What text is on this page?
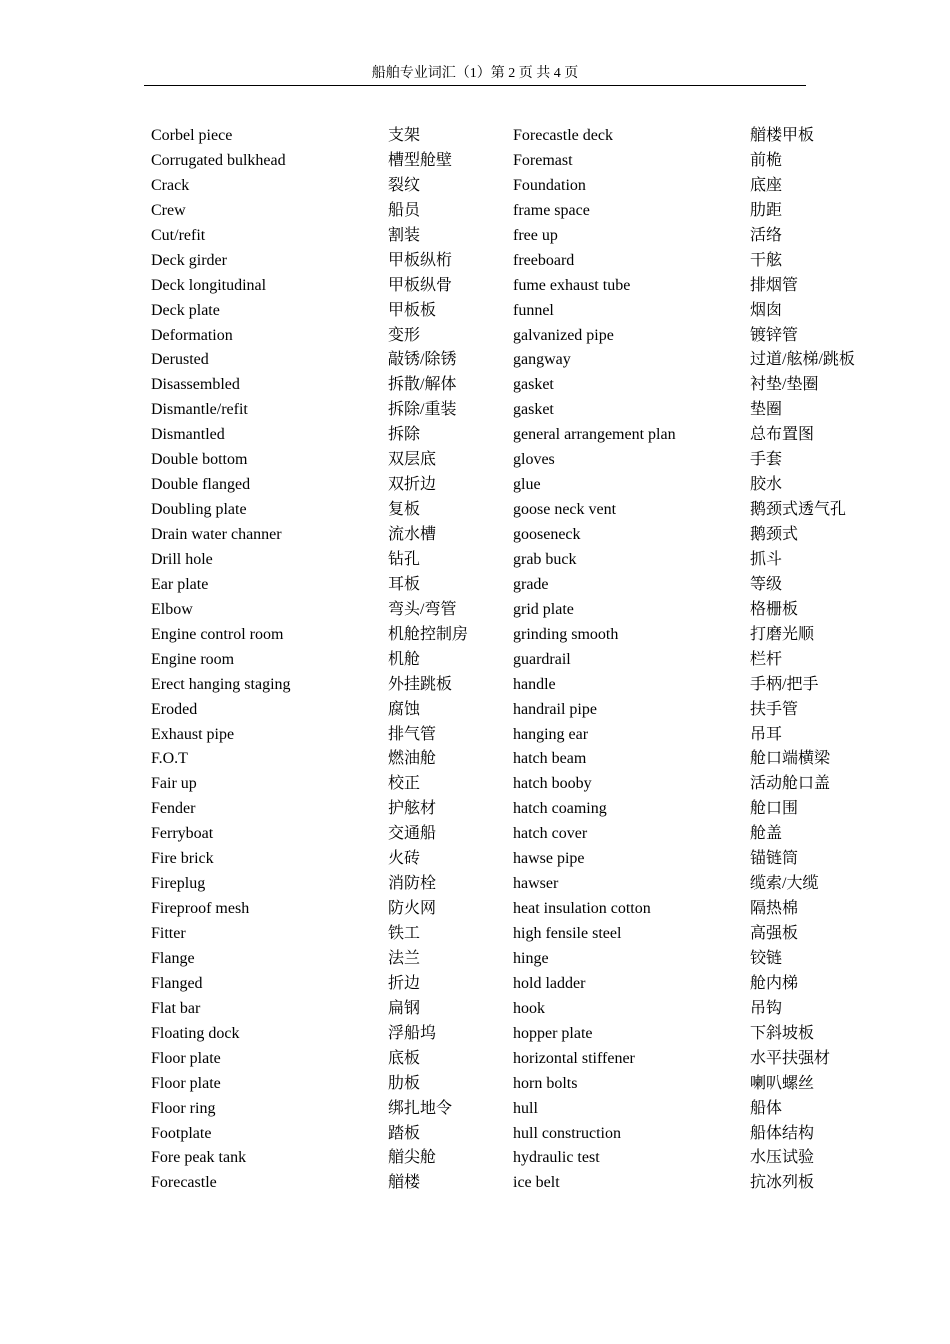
船舶专业词汇（1）第 2 页 共 4 页
Corbel piece	支架	Forecastle deck	艏楼甲板
Corrugated bulkhead	槽型舱壁	Foremast	前桅
Crack	裂纹	Foundation	底座
Crew	船员	frame space	肋距
Cut/refit	割装	free up	活络
Deck girder	甲板纵桁	freeboard	干舷
Deck longitudinal	甲板纵骨	fume exhaust tube	排烟管
Deck plate	甲板板	funnel	烟囱
Deformation	变形	galvanized pipe	镀锌管
Derusted	敲锈/除锈	gangway	过道/舷梯/跳板
Disassembled	拆散/解体	gasket	衬垫/垫圈
Dismantle/refit	拆除/重装	gasket	垫圈
Dismantled	拆除	general arrangement plan	总布置图
Double bottom	双层底	gloves	手套
Double flanged	双折边	glue	胶水
Doubling plate	复板	goose neck vent	鹅颈式透气孔
Drain water channer	流水槽	gooseneck	鹅颈式
Drill hole	钻孔	grab buck	抓斗
Ear plate	耳板	grade	等级
Elbow	弯头/弯管	grid plate	格栅板
Engine control room	机舱控制房	grinding smooth	打磨光顺
Engine room	机舱	guardrail	栏杆
Erect hanging staging	外挂跳板	handle	手柄/把手
Eroded	腐蚀	handrail pipe	扶手管
Exhaust pipe	排气管	hanging ear	吊耳
F.O.T	燃油舱	hatch beam	舱口端横梁
Fair up	校正	hatch booby	活动舱口盖
Fender	护舷材	hatch coaming	舱口围
Ferryboat	交通船	hatch cover	舱盖
Fire brick	火砖	hawse pipe	锚链筒
Fireplug	消防栓	hawser	缆索/大缆
Fireproof mesh	防火网	heat insulation cotton	隔热棉
Fitter	铁工	high fensile steel	高强板
Flange	法兰	hinge	铰链
Flanged	折边	hold ladder	舱内梯
Flat bar	扁钢	hook	吊钩
Floating dock	浮船坞	hopper plate	下斜坡板
Floor plate	底板	horizontal stiffener	水平扶强材
Floor plate	肋板	horn bolts	喇叭螺丝
Floor ring	绑扎地令	hull	船体
Footplate	踏板	hull construction	船体结构
Fore peak tank	艏尖舱	hydraulic test	水压试验
Forecastle	艏楼	ice belt	抗冰列板
